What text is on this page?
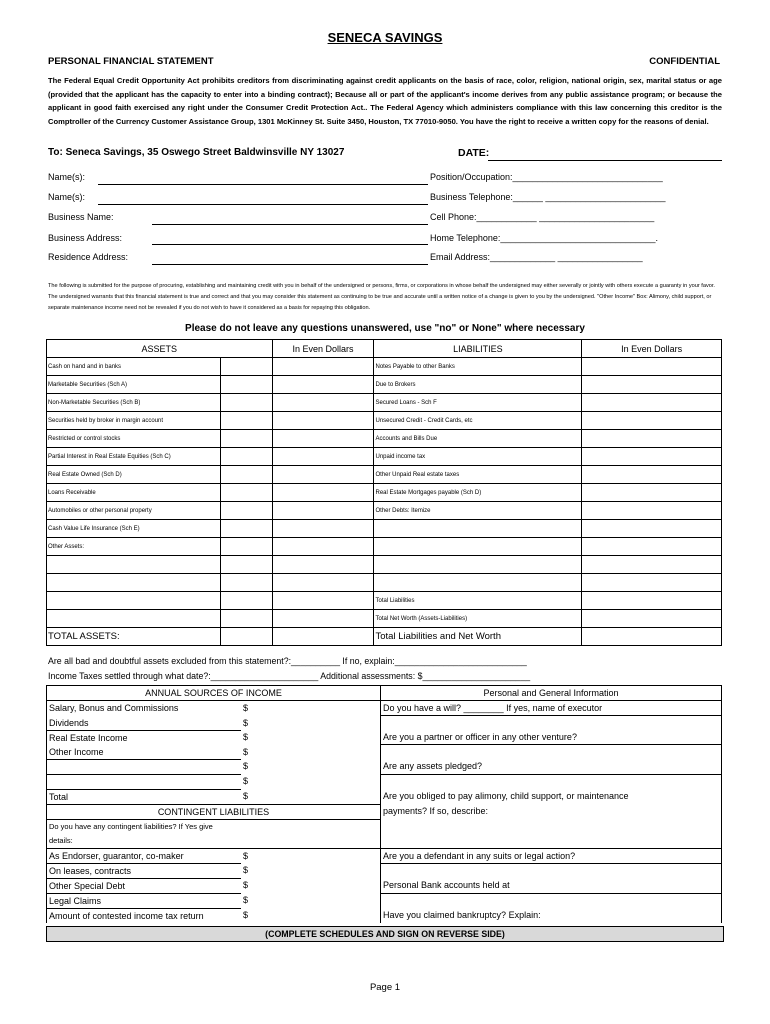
SENECA SAVINGS
PERSONAL FINANCIAL STATEMENT	CONFIDENTIAL
The Federal Equal Credit Opportunity Act prohibits creditors from discriminating against credit applicants on the basis of race, color, religion, national origin, sex, marital status or age (provided that the applicant has the capacity to enter into a binding contract); Because all or part of the applicant's income derives from any public assistance program; or because the applicant in good faith exercised any right under the Consumer Credit Protection Act.. The Federal Agency which administers compliance with this law concerning this creditor is the Comptroller of the Currency Customer Assistance Group, 1301 McKinney St. Suite 3450, Houston, TX 77010-9050. You have the right to receive a written copy for the reasons of denial.
To: Seneca Savings, 35 Oswego Street Baldwinsville NY 13027	DATE:
Name(s):
Name(s):
Business Name:
Business Address:
Residence Address:
Position/Occupation:______________________________
Business Telephone:______ ________________________
Cell Phone:____________ _______________________
Home Telephone:_______________________________.
Email Address:_____________ _________________
The following is submitted for the purpose of procuring, establishing and maintaining credit with you in behalf of the undersigned or persons, firms, or corporations in whose behalf the undersigned may either severally or jointly with others execute a guaranty in your favor. The undersigned warrants that this financial statement is true and correct and that you may consider this statement as continuing to be true and accurate until a written notice of a change is given to you by the undersigned. "Other Income" Box: Alimony, child support, or separate maintenance income need not be revealed if you do not wish to have it considered as a basis for repaying this obligation.
Please do not leave any questions unanswered, use "no" or None" where necessary
ASSETS		In Even Dollars	LIABILITIES	In Even Dollars
Cash on hand and in banks			Notes Payable to other Banks	
Marketable Securities (Sch A)			Due to Brokers	
Non-Marketable Securities (Sch B)			Secured Loans - Sch F	
Securities held by broker in margin account			Unsecured Credit - Credit Cards, etc	
Restricted or control stocks			Accounts and Bills Due	
Partial Interest in Real Estate Equities (Sch C)			Unpaid income tax	
Real Estate Owned (Sch D)			Other Unpaid Real estate taxes	
Loans Receivable			Real Estate Mortgages payable (Sch D)	
Automobiles or other personal property			Other Debts: Itemize	
Cash Value Life Insurance (Sch E)				
Other Assets:				

			Total Liabilities	
			Total Net Worth (Assets-Liabilities)	
TOTAL ASSETS:			Total Liabilities and Net Worth	
Are all bad and doubtful assets excluded from this statement?:__________ If no, explain:___________________________
Income Taxes settled through what date?:______________________ Additional assessments: $______________________
ANNUAL SOURCES OF INCOME		Personal and General Information
Salary, Bonus and Commissions	$	Do you have a will? ________ If yes, name of executor
Dividends	$	
Real Estate Income	$	Are you a partner or officer in any other venture?
Other Income	$	
	$	Are any assets pledged?
	$	
Total	$	Are you obliged to pay alimony, child support, or maintenance
CONTINGENT LIABILITIES		payments? If so, describe:
Do you have any contingent liabilities? If Yes give		
details:		
As Endorser, guarantor, co-maker	$	Are you a defendant in any suits or legal action?
On leases, contracts	$	
Other Special Debt	$	Personal Bank accounts held at
Legal Claims	$	
Amount of contested income tax return	$	Have you claimed bankruptcy? Explain:
(COMPLETE SCHEDULES AND SIGN ON REVERSE SIDE)
Page 1
